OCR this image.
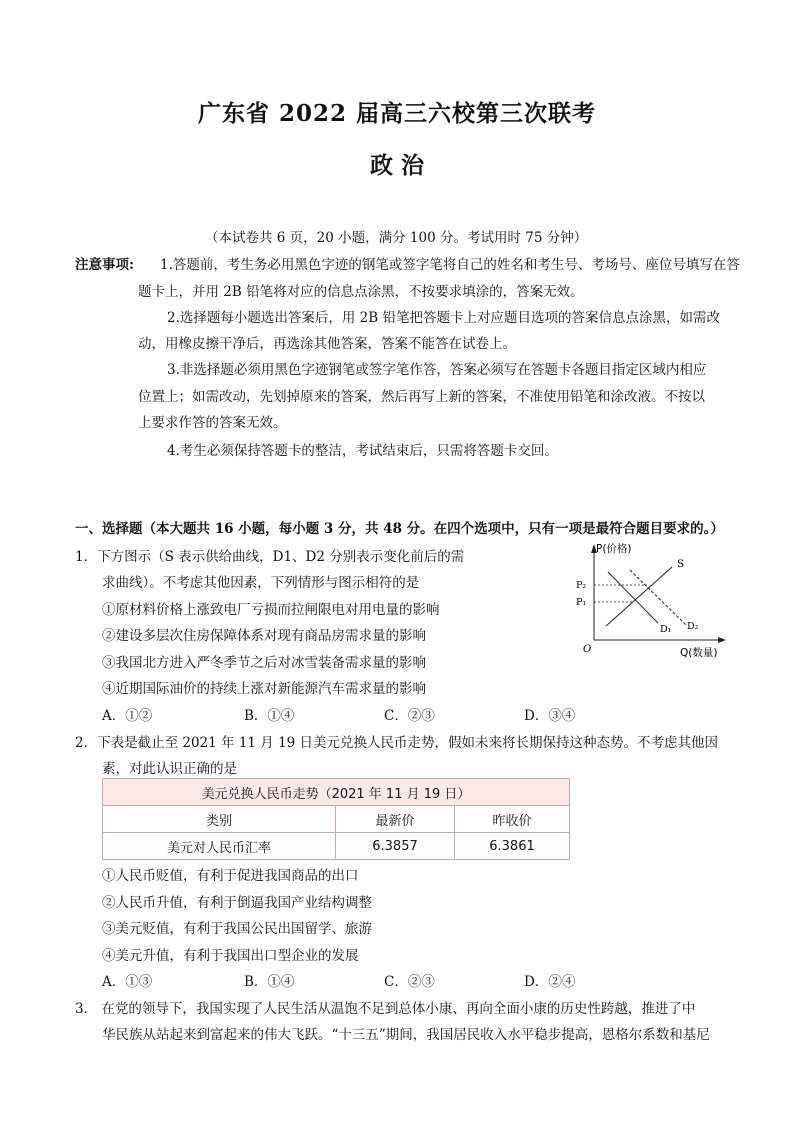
广东省 2022 届高三六校第三次联考
政 治
（本试卷共 6 页，20 小题，满分 100 分。考试用时 75 分钟）
注意事项: 1.答题前，考生务必用黑色字迹的钢笔或签字笔将自己的姓名和考生号、考场号、座位号填写在答
题卡上，并用 2B 铅笔将对应的信息点涂黑，不按要求填涂的，答案无效。
2.选择题每小题选出答案后，用 2B 铅笔把答题卡上对应题目选项的答案信息点涂黑，如需改
动，用橡皮擦干净后，再选涂其他答案，答案不能答在试卷上。
3.非选择题必须用黑色字迹钢笔或签字笔作答，答案必须写在答题卡各题目指定区域内相应
位置上；如需改动，先划掉原来的答案，然后再写上新的答案，不准使用铅笔和涂改液。不按以
上要求作答的答案无效。
4.考生必须保持答题卡的整洁，考试结束后，只需将答题卡交回。
一、选择题（本大题共 16 小题，每小题 3 分，共 48 分。在四个选项中，只有一项是最符合题目要求的。）
1．下方图示（S 表示供给曲线，D1、D2 分别表示变化前后的需
求曲线）。不考虑其他因素，下列情形与图示相符的是
①原材料价格上涨致电厂亏损而拉闸限电对用电量的影响
②建设多层次住房保障体系对现有商品房需求量的影响
③我国北方进入严冬季节之后对冰雪装备需求量的影响
④近期国际油价的持续上涨对新能源汽车需求量的影响
A．①②	B．①④	C．②③	D．③④
P(价格)
Q(数量)
O
S
D₁ D₂
P₂
P₁
2．下表是截止至 2021 年 11 月 19 日美元兑换人民币走势，假如未来将长期保持这种态势。不考虑其他因
素，对此认识正确的是
美元兑换人民币走势（2021 年 11 月 19 日）		
类别	最新价	昨收价
美元对人民币汇率	6.3857	6.3861
①人民币贬值，有利于促进我国商品的出口
②人民币升值，有利于倒逼我国产业结构调整
③美元贬值，有利于我国公民出国留学、旅游
④美元升值，有利于我国出口型企业的发展
A．①③	B．①④	C．②③	D．②④
3． 在党的领导下，我国实现了人民生活从温饱不足到总体小康、再向全面小康的历史性跨越，推进了中
华民族从站起来到富起来的伟大飞跃。“十三五”期间，我国居民收入水平稳步提高，恩格尔系数和基尼
